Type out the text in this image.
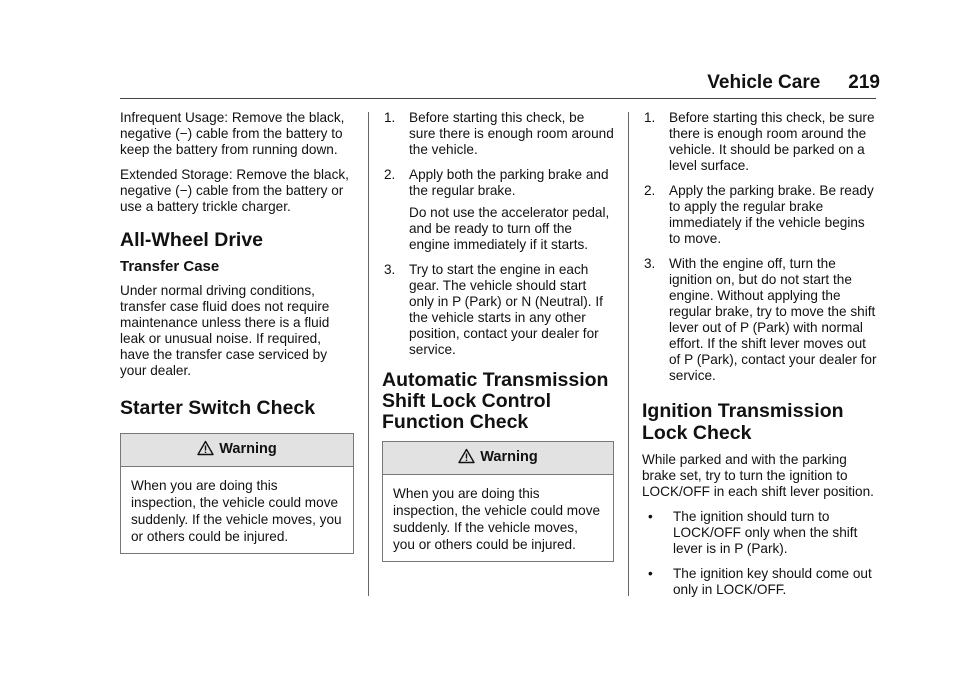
Vehicle Care 219

Infrequent Usage: Remove the black, negative (−) cable from the battery to keep the battery from running down.

Extended Storage: Remove the black, negative (−) cable from the battery or use a battery trickle charger.

All-Wheel Drive
Transfer Case

Under normal driving conditions, transfer case fluid does not require maintenance unless there is a fluid leak or unusual noise. If required, have the transfer case serviced by your dealer.

Starter Switch Check
Warning
When you are doing this inspection, the vehicle could move suddenly. If the vehicle moves, you or others could be injured.
1.	Before starting this check, be sure there is enough room around the vehicle.
2.	Apply both the parking brake and the regular brake.
Do not use the accelerator pedal, and be ready to turn off the engine immediately if it starts.
3.	Try to start the engine in each gear. The vehicle should start only in P (Park) or N (Neutral). If the vehicle starts in any other position, contact your dealer for service.
Automatic Transmission Shift Lock Control Function Check
Warning
When you are doing this inspection, the vehicle could move suddenly. If the vehicle moves, you or others could be injured.
1.	Before starting this check, be sure there is enough room around the vehicle. It should be parked on a level surface.
2.	Apply the parking brake. Be ready to apply the regular brake immediately if the vehicle begins to move.
3.	With the engine off, turn the ignition on, but do not start the engine. Without applying the regular brake, try to move the shift lever out of P (Park) with normal effort. If the shift lever moves out of P (Park), contact your dealer for service.
Ignition Transmission Lock Check

While parked and with the parking brake set, try to turn the ignition to LOCK/OFF in each shift lever position.

•	The ignition should turn to LOCK/OFF only when the shift lever is in P (Park).
•	The ignition key should come out only in LOCK/OFF.
